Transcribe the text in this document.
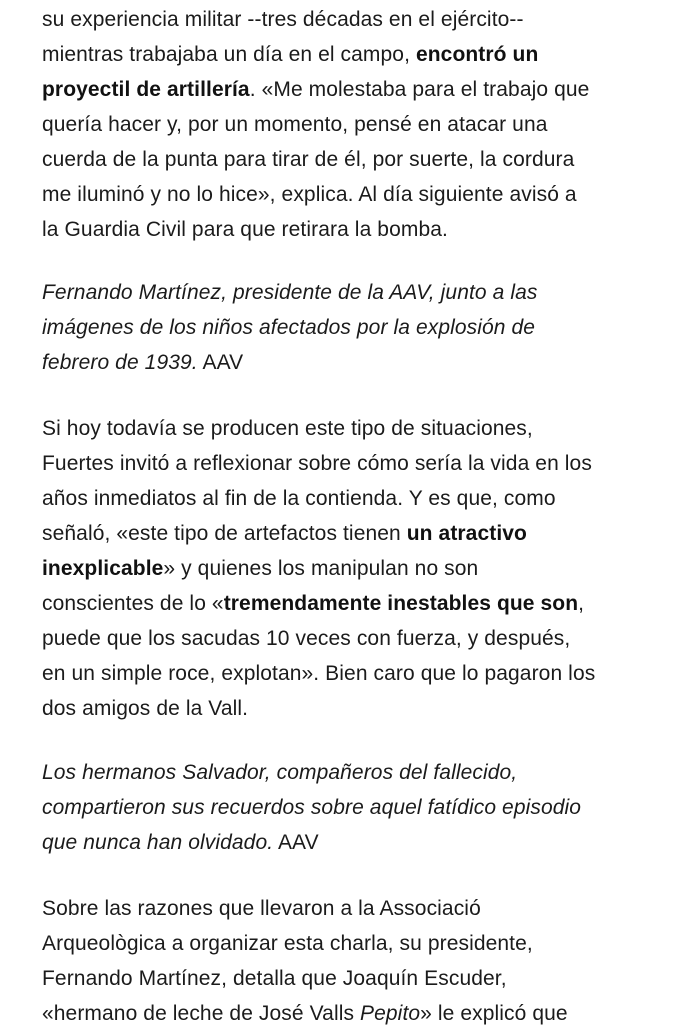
su experiencia militar --tres décadas en el ejército--
mientras trabajaba un día en el campo, encontró un
proyectil de artillería. «Me molestaba para el trabajo que
quería hacer y, por un momento, pensé en atacar una
cuerda de la punta para tirar de él, por suerte, la cordura
me iluminó y no lo hice», explica. Al día siguiente avisó a
la Guardia Civil para que retirara la bomba.

Fernando Martínez, presidente de la AAV, junto a las
imágenes de los niños afectados por la explosión de
febrero de 1939. AAV

Si hoy todavía se producen este tipo de situaciones,
Fuertes invitó a reflexionar sobre cómo sería la vida en los
años inmediatos al fin de la contienda. Y es que, como
señaló, «este tipo de artefactos tienen un atractivo
inexplicable» y quienes los manipulan no son
conscientes de lo «tremendamente inestables que son,
puede que los sacudas 10 veces con fuerza, y después,
en un simple roce, explotan». Bien caro que lo pagaron los
dos amigos de la Vall.

Los hermanos Salvador, compañeros del fallecido,
compartieron sus recuerdos sobre aquel fatídico episodio
que nunca han olvidado. AAV

Sobre las razones que llevaron a la Associació
Arqueològica a organizar esta charla, su presidente,
Fernando Martínez, detalla que Joaquín Escuder,
«hermano de leche de José Valls Pepito» le explicó que
